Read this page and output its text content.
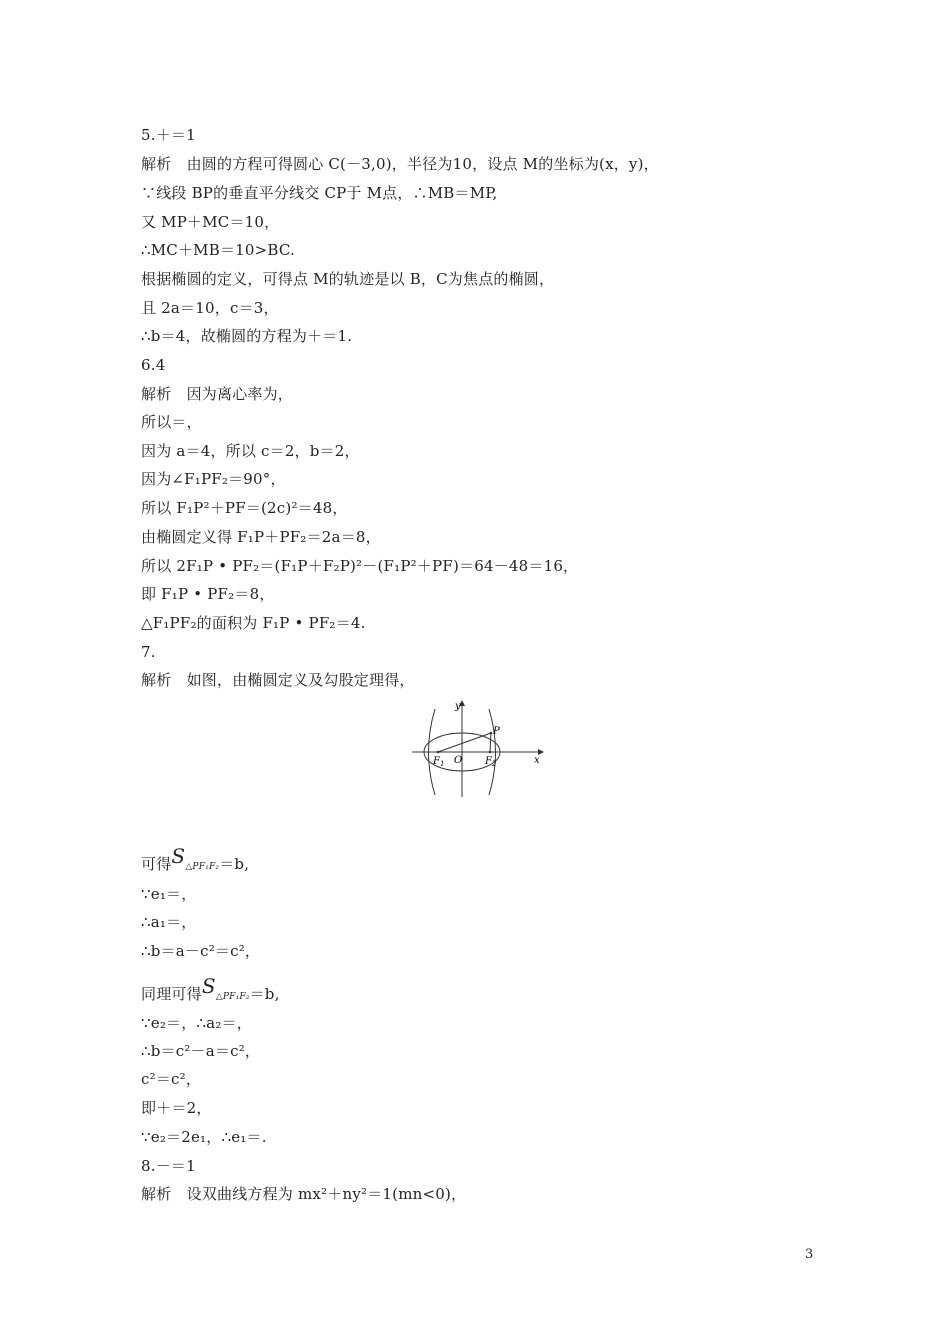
5.＋＝1
解析　由圆的方程可得圆心 C(－3,0)，半径为10，设点 M的坐标为(x，y)，
∵线段 BP的垂直平分线交 CP于 M点，∴MB＝MP,
又 MP＋MC＝10，
∴MC＋MB＝10>BC.
根据椭圆的定义，可得点 M的轨迹是以 B，C为焦点的椭圆，
且 2a＝10，c＝3，
∴b＝4，故椭圆的方程为＋＝1.
6.4
解析　因为离心率为，
所以＝，
因为 a＝4，所以 c＝2，b＝2，
因为∠F₁PF₂＝90°，
所以 F₁P²＋PF＝(2c)²＝48，
由椭圆定义得 F₁P＋PF₂＝2a＝8，
所以 2F₁P • PF₂＝(F₁P＋F₂P)²－(F₁P²＋PF)＝64－48＝16，
即 F₁P • PF₂＝8，
△F₁PF₂的面积为 F₁P • PF₂＝4.
7.
解析　如图，由椭圆定义及勾股定理得，
y
x
O
P
$F_1$	$F_2$
可得S△PF₁F₂＝b,
∵e₁＝，
∴a₁＝，
∴b＝a－c²＝c²，
同理可得S△PF₁F₂＝b,
∵e₂＝，∴a₂＝，
∴b＝c²－a＝c²，
c²＝c²，
即＋＝2，
∵e₂＝2e₁，∴e₁＝.
8.－＝1
解析　设双曲线方程为 mx²＋ny²＝1(mn<0)，
3
